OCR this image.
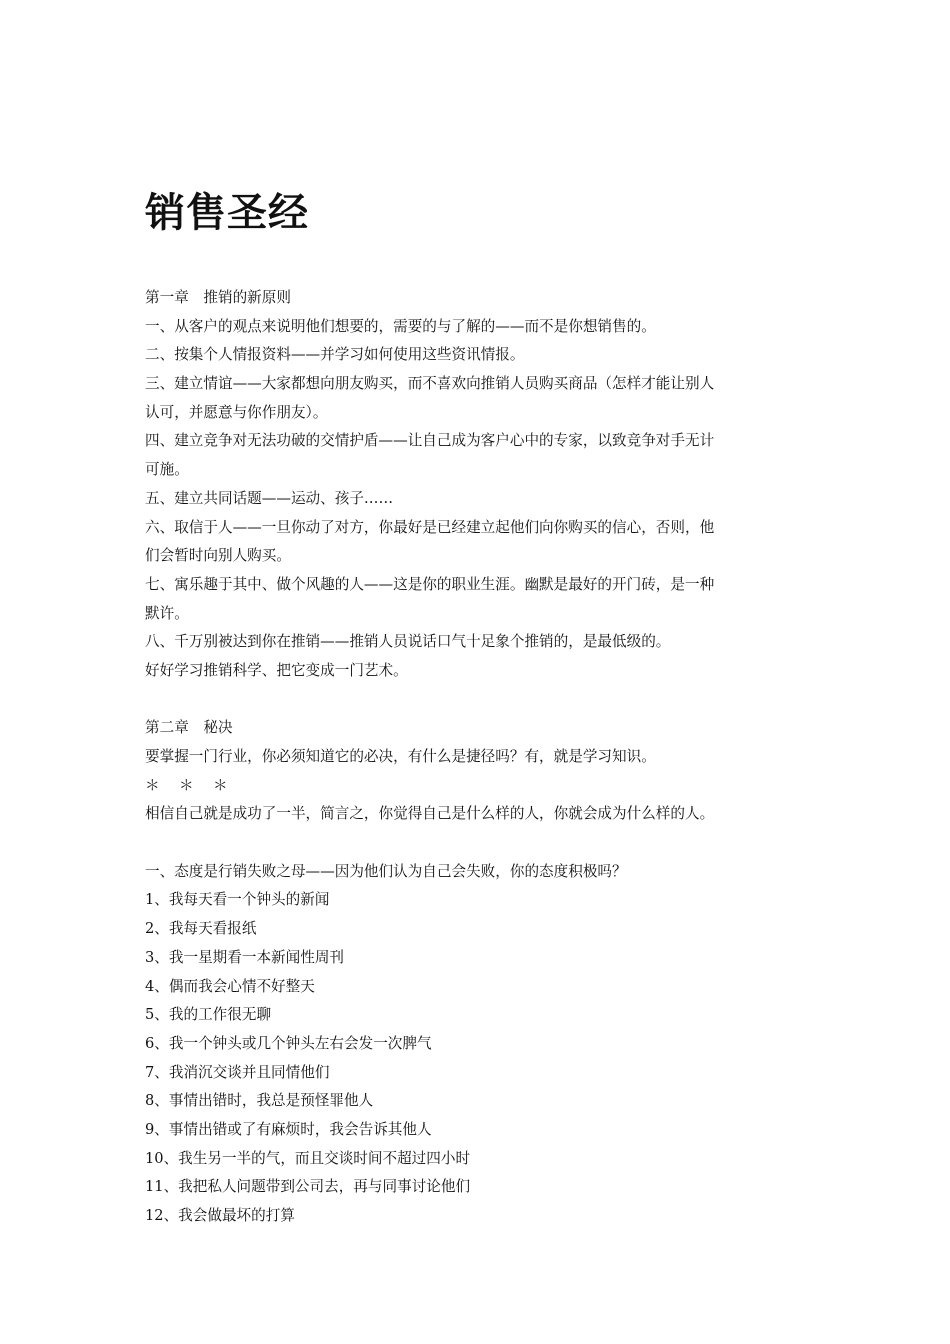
销售圣经
第一章　推销的新原则
一、从客户的观点来说明他们想要的，需要的与了解的——而不是你想销售的。
二、按集个人情报资料——并学习如何使用这些资讯情报。
三、建立情谊——大家都想向朋友购买，而不喜欢向推销人员购买商品（怎样才能让别人
认可，并愿意与你作朋友）。
四、建立竞争对无法功破的交情护盾——让自己成为客户心中的专家，以致竞争对手无计
可施。
五、建立共同话题——运动、孩子……
六、取信于人——一旦你动了对方，你最好是已经建立起他们向你购买的信心，否则，他
们会暂时向别人购买。
七、寓乐趣于其中、做个风趣的人——这是你的职业生涯。幽默是最好的开门砖，是一种
默许。
八、千万别被达到你在推销——推销人员说话口气十足象个推销的，是最低级的。
好好学习推销科学、把它变成一门艺术。
第二章　秘决
要掌握一门行业，你必须知道它的必决，有什么是捷径吗？有，就是学习知识。
＊ ＊ ＊
相信自己就是成功了一半，简言之，你觉得自己是什么样的人，你就会成为什么样的人。
一、态度是行销失败之母——因为他们认为自己会失败，你的态度积极吗？
1、我每天看一个钟头的新闻
2、我每天看报纸
3、我一星期看一本新闻性周刊
4、偶而我会心情不好整天
5、我的工作很无聊
6、我一个钟头或几个钟头左右会发一次脾气
7、我消沉交谈并且同情他们
8、事情出错时，我总是预怪罪他人
9、事情出错或了有麻烦时，我会告诉其他人
10、我生另一半的气，而且交谈时间不超过四小时
11、我把私人问题带到公司去，再与同事讨论他们
12、我会做最坏的打算
